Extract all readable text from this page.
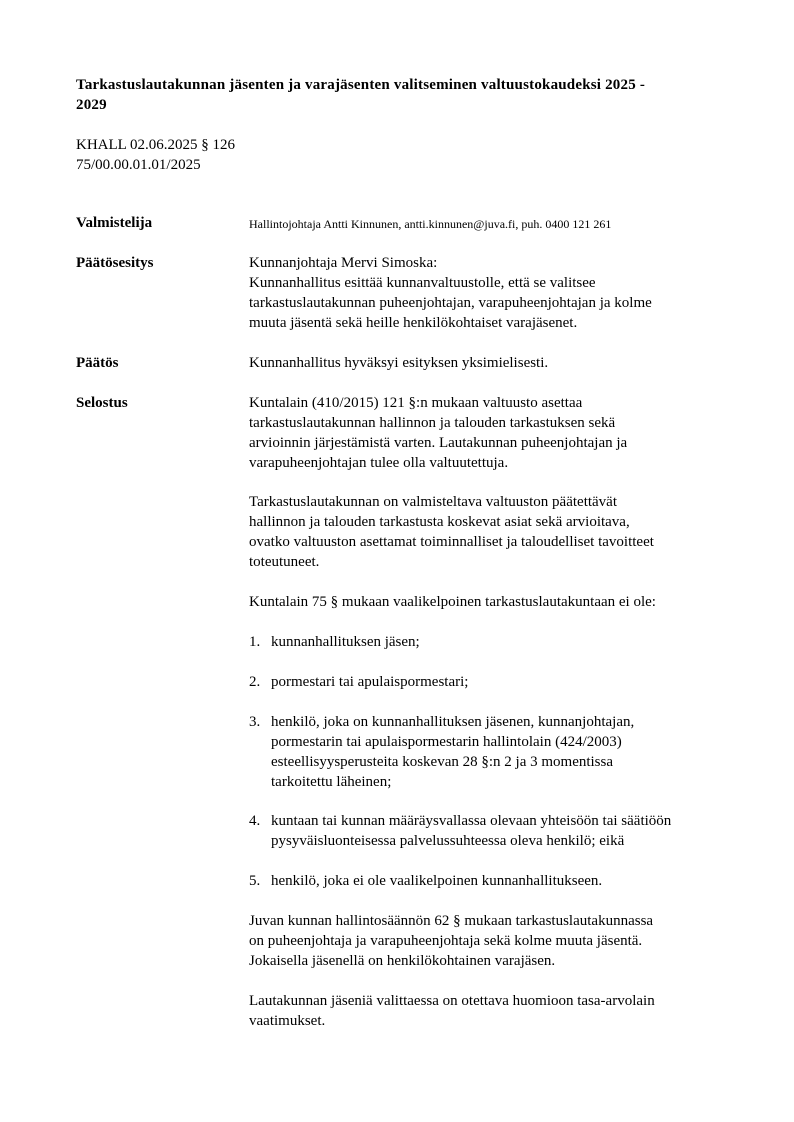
Tarkastuslautakunnan jäsenten ja varajäsenten valitseminen valtuustokaudeksi 2025 -
2029
KHALL 02.06.2025 § 126
75/00.00.01.01/2025
Valmistelija	Hallintojohtaja Antti Kinnunen, antti.kinnunen@juva.fi, puh. 0400 121 261
Päätösesitys	Kunnanjohtaja Mervi Simoska:
Kunnanhallitus esittää kunnanvaltuustolle, että se valitsee
tarkastuslautakunnan puheenjohtajan, varapuheenjohtajan ja kolme
muuta jäsentä sekä heille henkilökohtaiset varajäsenet.
Päätös	Kunnanhallitus hyväksyi esityksen yksimielisesti.
Selostus	Kuntalain (410/2015) 121 §:n mukaan valtuusto asettaa
tarkastuslautakunnan hallinnon ja talouden tarkastuksen sekä
arvioinnin järjestämistä varten. Lautakunnan puheenjohtajan ja
varapuheenjohtajan tulee olla valtuutettuja.
Tarkastuslautakunnan on valmisteltava valtuuston päätettävät
hallinnon ja talouden tarkastusta koskevat asiat sekä arvioitava,
ovatko valtuuston asettamat toiminnalliset ja taloudelliset tavoitteet
toteutuneet.
Kuntalain 75 § mukaan vaalikelpoinen tarkastuslautakuntaan ei ole:
1. kunnanhallituksen jäsen;
2. pormestari tai apulaispormestari;
3. henkilö, joka on kunnanhallituksen jäsenen, kunnanjohtajan,
pormestarin tai apulaispormestarin hallintolain (424/2003)
esteellisyysperusteita koskevan 28 §:n 2 ja 3 momentissa
tarkoitettu läheinen;
4. kuntaan tai kunnan määräysvallassa olevaan yhteisöön tai säätiöön
pysyväisluonteisessa palvelussuhteessa oleva henkilö; eikä
5. henkilö, joka ei ole vaalikelpoinen kunnanhallitukseen.
Juvan kunnan hallintosäännön 62 § mukaan tarkastuslautakunnassa
on puheenjohtaja ja varapuheenjohtaja sekä kolme muuta jäsentä.
Jokaisella jäsenellä on henkilökohtainen varajäsen.
Lautakunnan jäseniä valittaessa on otettava huomioon tasa-arvolain
vaatimukset.
